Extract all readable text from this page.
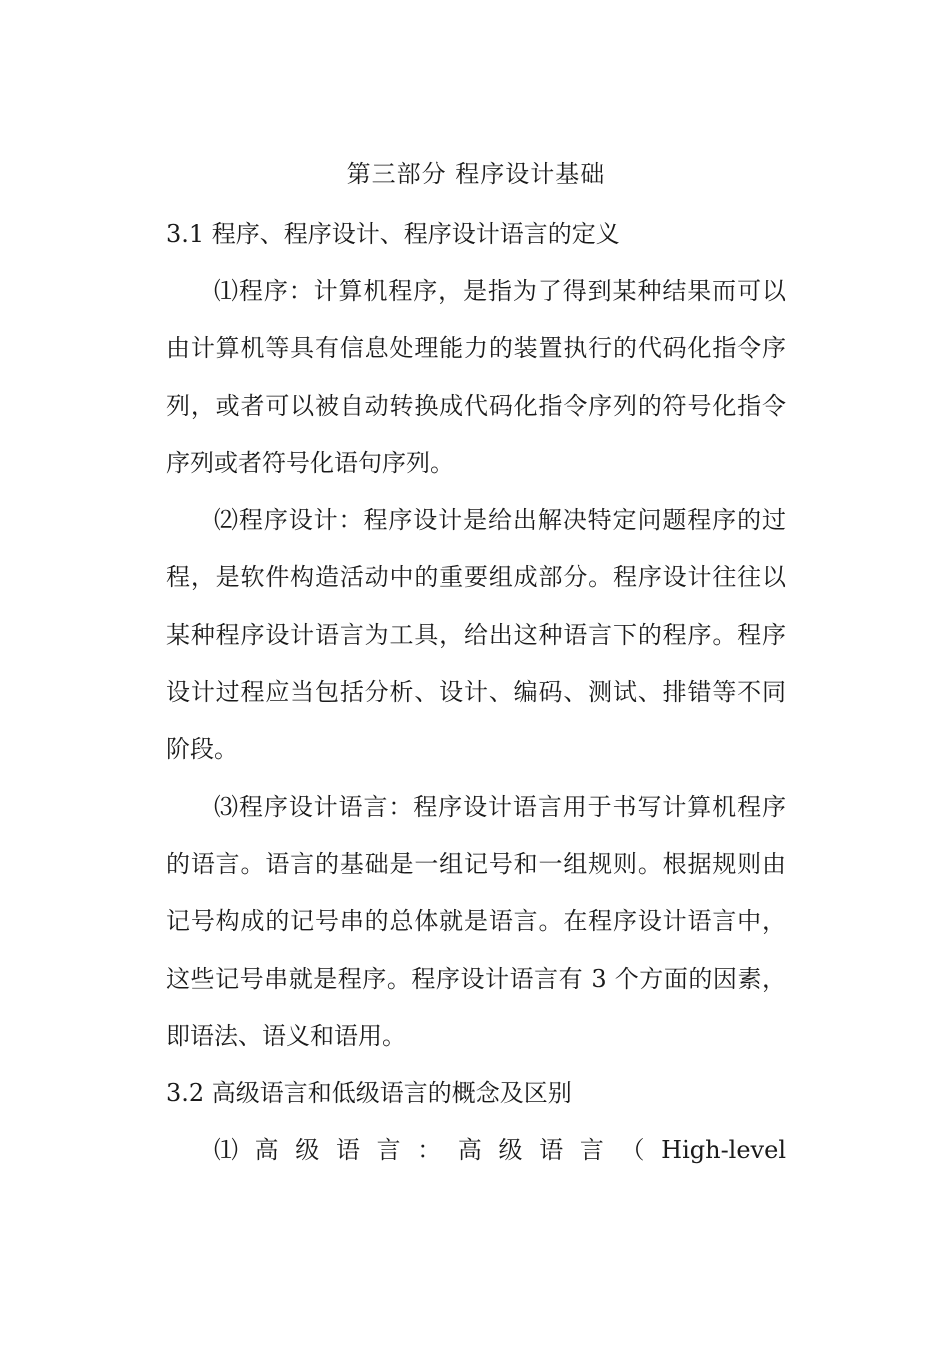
第三部分 程序设计基础
3.1 程序、程序设计、程序设计语言的定义

⑴程序：计算机程序，是指为了得到某种结果而可以由计算机等具有信息处理能力的装置执行的代码化指令序列，或者可以被自动转换成代码化指令序列的符号化指令序列或者符号化语句序列。

⑵程序设计：程序设计是给出解决特定问题程序的过程，是软件构造活动中的重要组成部分。程序设计往往以某种程序设计语言为工具，给出这种语言下的程序。程序设计过程应当包括分析、设计、编码、测试、排错等不同阶段。

⑶程序设计语言：程序设计语言用于书写计算机程序的语言。语言的基础是一组记号和一组规则。根据规则由记号构成的记号串的总体就是语言。在程序设计语言中，这些记号串就是程序。程序设计语言有 3 个方面的因素，即语法、语义和语用。

3.2 高级语言和低级语言的概念及区别

⑴高级语言：高级语言（High-level
